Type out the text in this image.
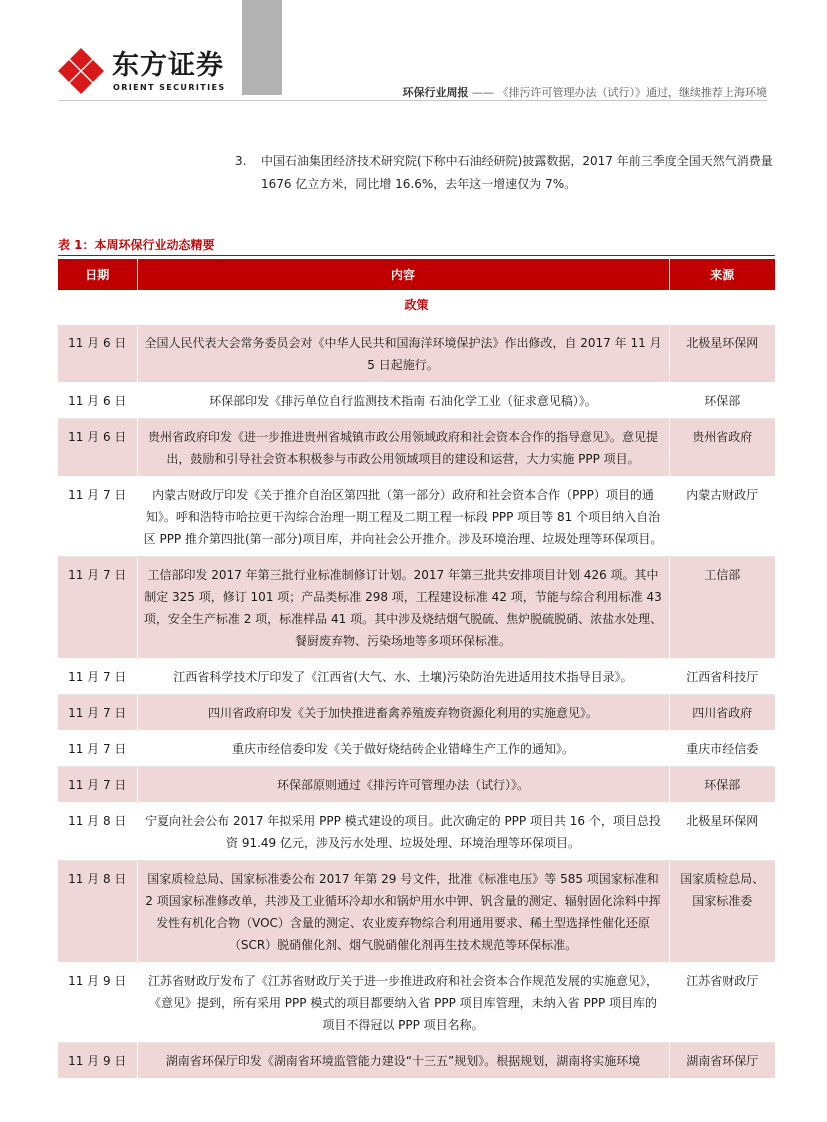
东方证券
ORIENT SECURITIES	环保行业周报 —— 《排污许可管理办法（试行）》通过，继续推荐上海环境
3. 中国石油集团经济技术研究院(下称中石油经研院)披露数据，2017 年前三季度全国天然气消费量 1676 亿立方米，同比增 16.6%，去年这一增速仅为 7%。
表 1：本周环保行业动态精要
日期	内容	来源
政策		
11 月 6 日	全国人民代表大会常务委员会对《中华人民共和国海洋环境保护法》作出修改，自 2017 年 11 月 5 日起施行。	北极星环保网
11 月 6 日	环保部印发《排污单位自行监测技术指南 石油化学工业（征求意见稿）》。	环保部
11 月 6 日	贵州省政府印发《进一步推进贵州省城镇市政公用领域政府和社会资本合作的指导意见》。意见提出，鼓励和引导社会资本积极参与市政公用领域项目的建设和运营，大力实施 PPP 项目。	贵州省政府
11 月 7 日	内蒙古财政厅印发《关于推介自治区第四批（第一部分）政府和社会资本合作（PPP）项目的通知》。呼和浩特市哈拉更干沟综合治理一期工程及二期工程一标段 PPP 项目等 81 个项目纳入自治区 PPP 推介第四批(第一部分)项目库，并向社会公开推介。涉及环境治理、垃圾处理等环保项目。	内蒙古财政厅
11 月 7 日	工信部印发 2017 年第三批行业标准制修订计划。2017 年第三批共安排项目计划 426 项。其中制定 325 项，修订 101 项；产品类标准 298 项，工程建设标准 42 项，节能与综合利用标准 43 项，安全生产标准 2 项，标准样品 41 项。其中涉及烧结烟气脱硫、焦炉脱硫脱硝、浓盐水处理、餐厨废弃物、污染场地等多项环保标准。	工信部
11 月 7 日	江西省科学技术厅印发了《江西省(大气、水、土壤)污染防治先进适用技术指导目录》。	江西省科技厅
11 月 7 日	四川省政府印发《关于加快推进畜禽养殖废弃物资源化利用的实施意见》。	四川省政府
11 月 7 日	重庆市经信委印发《关于做好烧结砖企业错峰生产工作的通知》。	重庆市经信委
11 月 7 日	环保部原则通过《排污许可管理办法（试行）》。	环保部
11 月 8 日	宁夏向社会公布 2017 年拟采用 PPP 模式建设的项目。此次确定的 PPP 项目共 16 个，项目总投资 91.49 亿元，涉及污水处理、垃圾处理、环境治理等环保项目。	北极星环保网
11 月 8 日	国家质检总局、国家标准委公布 2017 年第 29 号文件，批准《标准电压》等 585 项国家标准和 2 项国家标准修改单，共涉及工业循环冷却水和锅炉用水中钾、钒含量的测定、辐射固化涂料中挥发性有机化合物（VOC）含量的测定、农业废弃物综合利用通用要求、稀土型选择性催化还原（SCR）脱硝催化剂、烟气脱硝催化剂再生技术规范等环保标准。	国家质检总局、国家标准委
11 月 9 日	江苏省财政厅发布了《江苏省财政厅关于进一步推进政府和社会资本合作规范发展的实施意见》，《意见》提到，所有采用 PPP 模式的项目都要纳入省 PPP 项目库管理，未纳入省 PPP 项目库的项目不得冠以 PPP 项目名称。	江苏省财政厅
11 月 9 日	湖南省环保厅印发《湖南省环境监管能力建设“十三五”规划》。根据规划，湖南将实施环境	湖南省环保厅
